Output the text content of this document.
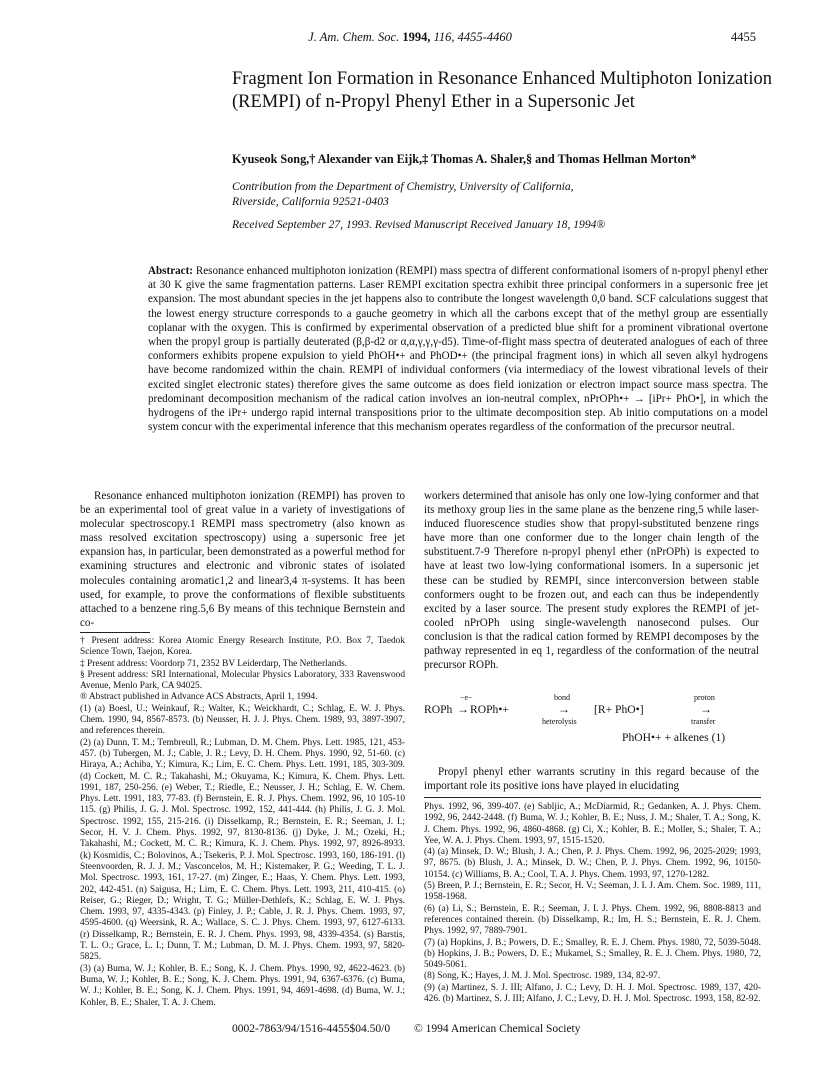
J. Am. Chem. Soc. 1994, 116, 4455-4460	4455
Fragment Ion Formation in Resonance Enhanced Multiphoton Ionization (REMPI) of n-Propyl Phenyl Ether in a Supersonic Jet
Kyuseok Song,† Alexander van Eijk,‡ Thomas A. Shaler,§ and Thomas Hellman Morton*
Contribution from the Department of Chemistry, University of California,
Riverside, California 92521-0403
Received September 27, 1993. Revised Manuscript Received January 18, 1994®
Abstract: Resonance enhanced multiphoton ionization (REMPI) mass spectra of different conformational isomers of n-propyl phenyl ether at 30 K give the same fragmentation patterns. Laser REMPI excitation spectra exhibit three principal conformers in a supersonic free jet expansion. The most abundant species in the jet happens also to contribute the longest wavelength 0,0 band. SCF calculations suggest that the lowest energy structure corresponds to a gauche geometry in which all the carbons except that of the methyl group are essentially coplanar with the oxygen. This is confirmed by experimental observation of a predicted blue shift for a prominent vibrational overtone when the propyl group is partially deuterated (β,β-d2 or α,α,γ,γ,γ-d5). Time-of-flight mass spectra of deuterated analogues of each of three conformers exhibits propene expulsion to yield PhOH•+ and PhOD•+ (the principal fragment ions) in which all seven alkyl hydrogens have become randomized within the chain. REMPI of individual conformers (via intermediacy of the lowest vibrational levels of their excited singlet electronic states) therefore gives the same outcome as does field ionization or electron impact source mass spectra. The predominant decomposition mechanism of the radical cation involves an ion-neutral complex, nPrOPh•+ → [iPr+ PhO•], in which the hydrogens of the iPr+ undergo rapid internal transpositions prior to the ultimate decomposition step. Ab initio computations on a model system concur with the experimental inference that this mechanism operates regardless of the conformation of the precursor neutral.

Resonance enhanced multiphoton ionization (REMPI) has proven to be an experimental tool of great value in a variety of investigations of molecular spectroscopy.1 REMPI mass spectrometry (also known as mass resolved excitation spectroscopy) using a supersonic free jet expansion has, in particular, been demonstrated as a powerful method for examining structures and electronic and vibronic states of isolated molecules containing aromatic1,2 and linear3,4 π-systems. It has been used, for example, to prove the conformations of flexible substituents attached to a benzene ring.5,6 By means of this technique Bernstein and co-

† Present address: Korea Atomic Energy Research Institute, P.O. Box 7, Taedok Science Town, Taejon, Korea.

‡ Present address: Voordorp 71, 2352 BV Leiderdarp, The Netherlands.

§ Present address: SRI International, Molecular Physics Laboratory, 333 Ravenswood Avenue, Menlo Park, CA 94025.

® Abstract published in Advance ACS Abstracts, April 1, 1994.

(1) (a) Boesl, U.; Weinkauf, R.; Walter, K.; Weickhardt, C.; Schlag, E. W. J. Phys. Chem. 1990, 94, 8567-8573. (b) Neusser, H. J. J. Phys. Chem. 1989, 93, 3897-3907, and references therein.

(2) (a) Dunn, T. M.; Tembreull, R.; Lubman, D. M. Chem. Phys. Lett. 1985, 121, 453-457. (b) Tubergen, M. J.; Cable, J. R.; Levy, D. H. Chem. Phys. 1990, 92, 51-60. (c) Hiraya, A.; Achiba, Y.; Kimura, K.; Lim, E. C. Chem. Phys. Lett. 1991, 185, 303-309. (d) Cockett, M. C. R.; Takahashi, M.; Okuyama, K.; Kimura, K. Chem. Phys. Lett. 1991, 187, 250-256. (e) Weber, T.; Riedle, E.; Neusser, J. H.; Schlag, E. W. Chem. Phys. Lett. 1991, 183, 77-83. (f) Bernstein, E. R. J. Phys. Chem. 1992, 96, 10 105-10 115. (g) Philis, J. G. J. Mol. Spectrosc. 1992, 152, 441-444. (h) Philis, J. G. J. Mol. Spectrosc. 1992, 155, 215-216. (i) Disselkamp, R.; Bernstein, E. R.; Seeman, J. I.; Secor, H. V. J. Chem. Phys. 1992, 97, 8130-8136. (j) Dyke, J. M.; Ozeki, H.; Takahashi, M.; Cockett, M. C. R.; Kimura, K. J. Chem. Phys. 1992, 97, 8926-8933. (k) Kosmidis, C.; Bolovinos, A.; Tsekeris, P. J. Mol. Spectrosc. 1993, 160, 186-191. (l) Steenvoorden, R. J. J. M.; Vasconcelos, M. H.; Kistemaker, P. G.; Weeding, T. L. J. Mol. Spectrosc. 1993, 161, 17-27. (m) Zinger, E.; Haas, Y. Chem. Phys. Lett. 1993, 202, 442-451. (n) Saigusa, H.; Lim, E. C. Chem. Phys. Lett. 1993, 211, 410-415. (o) Reiser, G.; Rieger, D.; Wright, T. G.; Müller-Dethlefs, K.; Schlag, E. W. J. Phys. Chem. 1993, 97, 4335-4343. (p) Finley, J. P.; Cable, J. R. J. Phys. Chem. 1993, 97, 4595-4600. (q) Weersink, R. A.; Wallace, S. C. J. Phys. Chem. 1993, 97, 6127-6133. (r) Disselkamp, R.; Bernstein, E. R. J. Chem. Phys. 1993, 98, 4339-4354. (s) Barstis, T. L. O.; Grace, L. I.; Dunn, T. M.; Lubman, D. M. J. Phys. Chem. 1993, 97, 5820-5825.

(3) (a) Buma, W. J.; Kohler, B. E.; Song, K. J. Chem. Phys. 1990, 92, 4622-4623. (b) Buma, W. J.; Kohler, B. E.; Song, K. J. Chem. Phys. 1991, 94, 6367-6376. (c) Buma, W. J.; Kohler, B. E.; Song, K. J. Chem. Phys. 1991, 94, 4691-4698. (d) Buma, W. J.; Kohler, B. E.; Shaler, T. A. J. Chem.

workers determined that anisole has only one low-lying conformer and that its methoxy group lies in the same plane as the benzene ring,5 while laser-induced fluorescence studies show that propyl-substituted benzene rings have more than one conformer due to the longer chain length of the substituent.7-9 Therefore n-propyl phenyl ether (nPrOPh) is expected to have at least two low-lying conformational isomers. In a supersonic jet these can be studied by REMPI, since interconversion between stable conformers ought to be frozen out, and each can thus be independently excited by a laser source. The present study explores the REMPI of jet-cooled nPrOPh using single-wavelength nanosecond pulses. Our conclusion is that the radical cation formed by REMPI decomposes by the pathway represented in eq 1, regardless of the conformation of the neutral precursor ROPh.

−e−
ROPh → ROPh•+
bond
→
heterolysis
[R+ PhO•]
proton
→
transfer
PhOH•+ + alkenes (1)

Propyl phenyl ether warrants scrutiny in this regard because of the important role its positive ions have played in elucidating

Phys. 1992, 96, 399-407. (e) Sabljic, A.; McDiarmid, R.; Gedanken, A. J. Phys. Chem. 1992, 96, 2442-2448. (f) Buma, W. J.; Kohler, B. E.; Nuss, J. M.; Shaler, T. A.; Song, K. J. Chem. Phys. 1992, 96, 4860-4868. (g) Ci, X.; Kohler, B. E.; Moller, S.; Shaler, T. A.; Yee, W. A. J. Phys. Chem. 1993, 97, 1515-1520.

(4) (a) Minsek, D. W.; Blush, J. A.; Chen, P. J. Phys. Chem. 1992, 96, 2025-2029; 1993, 97, 8675. (b) Blush, J. A.; Minsek, D. W.; Chen, P. J. Phys. Chem. 1992, 96, 10150-10154. (c) Williams, B. A.; Cool, T. A. J. Phys. Chem. 1993, 97, 1270-1282.

(5) Breen, P. J.; Bernstein, E. R.; Secor, H. V.; Seeman, J. I. J. Am. Chem. Soc. 1989, 111, 1958-1968.

(6) (a) Li, S.; Bernstein, E. R.; Seeman, J. I. J. Phys. Chem. 1992, 96, 8808-8813 and references contained therein. (b) Disselkamp, R.; Im, H. S.; Bernstein, E. R. J. Chem. Phys. 1992, 97, 7889-7901.

(7) (a) Hopkins, J. B.; Powers, D. E.; Smalley, R. E. J. Chem. Phys. 1980, 72, 5039-5048. (b) Hopkins, J. B.; Powers, D. E.; Mukamel, S.; Smalley, R. E. J. Chem. Phys. 1980, 72, 5049-5061.

(8) Song, K.; Hayes, J. M. J. Mol. Spectrosc. 1989, 134, 82-97.

(9) (a) Martinez, S. J. III; Alfano, J. C.; Levy, D. H. J. Mol. Spectrosc. 1989, 137, 420-426. (b) Martinez, S. J. III; Alfano, J. C.; Levy, D. H. J. Mol. Spectrosc. 1993, 158, 82-92.

0002-7863/94/1516-4455$04.50/0 © 1994 American Chemical Society
